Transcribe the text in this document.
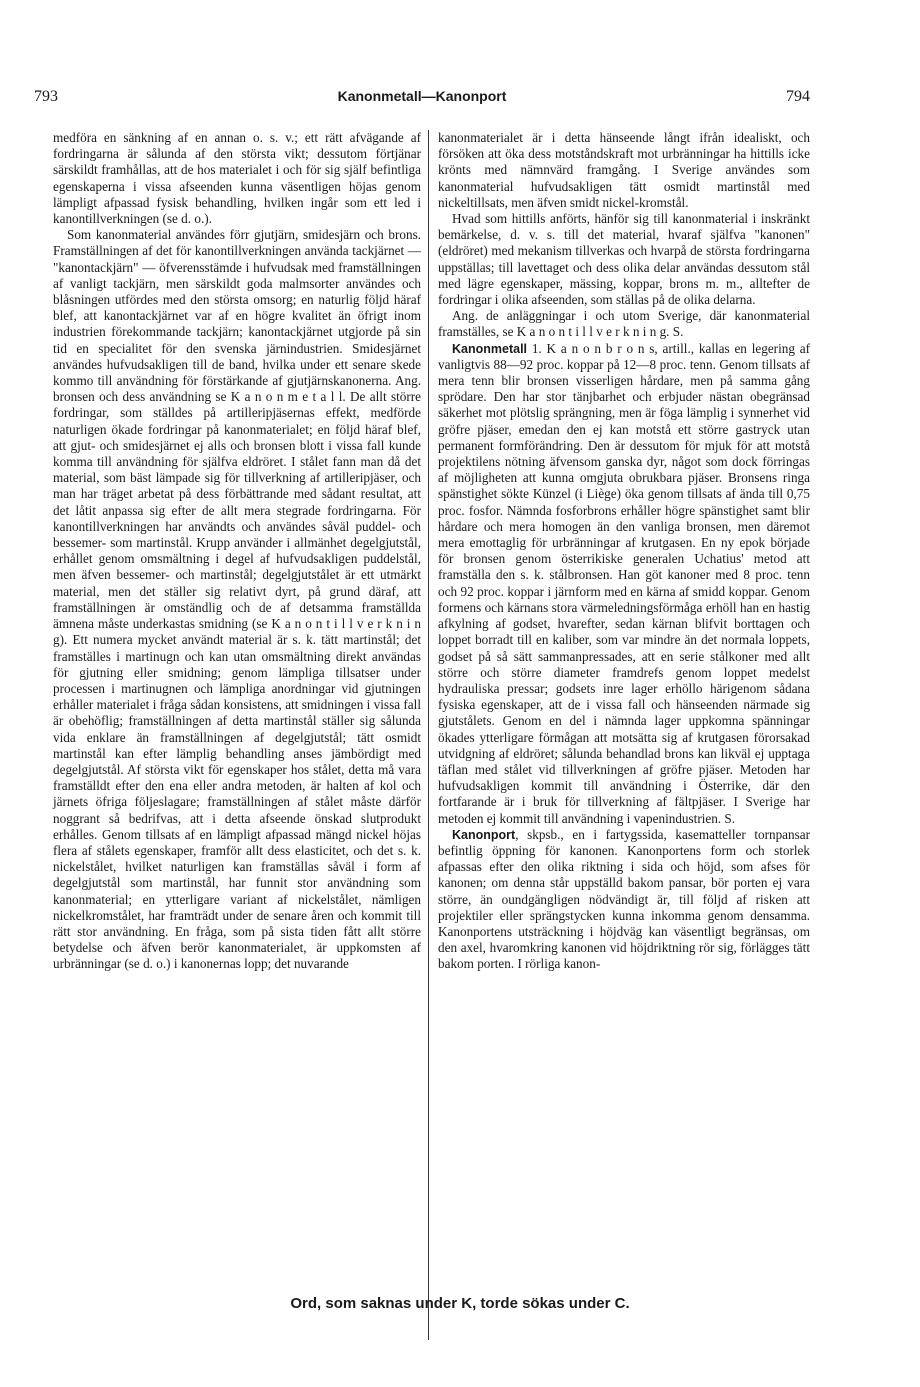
793	Kanonmetall—Kanonport	794

medföra en sänkning af en annan o. s. v.; ett rätt afvägande af fordringarna är sålunda af den största vikt; dessutom förtjänar särskildt framhållas, att de hos materialet i och för sig själf befintliga egenskaperna i vissa afseenden kunna väsentligen höjas genom lämpligt afpassad fysisk behandling, hvilken ingår som ett led i kanontillverkningen (se d. o.).

Som kanonmaterial användes förr gjutjärn, smidesjärn och brons. Framställningen af det för kanontillverkningen använda tackjärnet — "kanontackjärn" — öfverensstämde i hufvudsak med framställningen af vanligt tackjärn, men särskildt goda malmsorter användes och blåsningen utfördes med den största omsorg; en naturlig följd häraf blef, att kanontackjärnet var af en högre kvalitet än öfrigt inom industrien förekommande tackjärn; kanontackjärnet utgjorde på sin tid en specialitet för den svenska järnindustrien. Smidesjärnet användes hufvudsakligen till de band, hvilka under ett senare skede kommo till användning för förstärkande af gjutjärnskanonerna. Ang. bronsen och dess användning se K a n o n m e t a l l. De allt större fordringar, som ställdes på artilleripjäsernas effekt, medförde naturligen ökade fordringar på kanonmaterialet; en följd häraf blef, att gjut- och smidesjärnet ej alls och bronsen blott i vissa fall kunde komma till användning för själfva eldröret. I stålet fann man då det material, som bäst lämpade sig för tillverkning af artilleripjäser, och man har träget arbetat på dess förbättrande med sådant resultat, att det låtit anpassa sig efter de allt mera stegrade fordringarna. För kanontillverkningen har användts och användes såväl puddel- och bessemer- som martinstål. Krupp använder i allmänhet degelgjutstål, erhållet genom omsmältning i degel af hufvudsakligen puddelstål, men äfven bessemer- och martinstål; degelgjutstålet är ett utmärkt material, men det ställer sig relativt dyrt, på grund däraf, att framställningen är omständlig och de af detsamma framställda ämnena måste underkastas smidning (se K a n o n t i l l v e r k n i n g). Ett numera mycket användt material är s. k. tätt martinstål; det framställes i martinugn och kan utan omsmältning direkt användas för gjutning eller smidning; genom lämpliga tillsatser under processen i martinugnen och lämpliga anordningar vid gjutningen erhåller materialet i fråga sådan konsistens, att smidningen i vissa fall är obehöflig; framställningen af detta martinstål ställer sig sålunda vida enklare än framställningen af degelgjutstål; tätt osmidt martinstål kan efter lämplig behandling anses jämbördigt med degelgjutstål. Af största vikt för egenskaper hos stålet, detta må vara framställdt efter den ena eller andra metoden, är halten af kol och järnets öfriga följeslagare; framställningen af stålet måste därför noggrant så bedrifvas, att i detta afseende önskad slutprodukt erhålles. Genom tillsats af en lämpligt afpassad mängd nickel höjas flera af stålets egenskaper, framför allt dess elasticitet, och det s. k. nickelstålet, hvilket naturligen kan framställas såväl i form af degelgjutstål som martinstål, har funnit stor användning som kanonmaterial; en ytterligare variant af nickelstålet, nämligen nickelkromstålet, har framträdt under de senare åren och kommit till rätt stor användning. En fråga, som på sista tiden fått allt större betydelse och äfven berör kanonmaterialet, är uppkomsten af urbränningar (se d. o.) i kanonernas lopp; det nuvarande

kanonmaterialet är i detta hänseende långt ifrån idealiskt, och försöken att öka dess motståndskraft mot urbränningar ha hittills icke krönts med nämnvärd framgång. I Sverige användes som kanonmaterial hufvudsakligen tätt osmidt martinstål med nickeltillsats, men äfven smidt nickel-kromstål.

Hvad som hittills anförts, hänför sig till kanonmaterial i inskränkt bemärkelse, d. v. s. till det material, hvaraf själfva "kanonen" (eldröret) med mekanism tillverkas och hvarpå de största fordringarna uppställas; till lavettaget och dess olika delar användas dessutom stål med lägre egenskaper, mässing, koppar, brons m. m., alltefter de fordringar i olika afseenden, som ställas på de olika delarna.

Ang. de anläggningar i och utom Sverige, där kanonmaterial framställes, se K a n o n t i l l v e r k n i n g. S.

Kanonmetall 1. K a n o n b r o n s, artill., kallas en legering af vanligtvis 88—92 proc. koppar på 12—8 proc. tenn. Genom tillsats af mera tenn blir bronsen visserligen hårdare, men på samma gång sprödare. Den har stor tänjbarhet och erbjuder nästan obegränsad säkerhet mot plötslig sprängning, men är föga lämplig i synnerhet vid gröfre pjäser, emedan den ej kan motstå ett större gastryck utan permanent formförändring. Den är dessutom för mjuk för att motstå projektilens nötning äfvensom ganska dyr, något som dock förringas af möjligheten att kunna omgjuta obrukbara pjäser. Bronsens ringa spänstighet sökte Künzel (i Liège) öka genom tillsats af ända till 0,75 proc. fosfor. Nämnda fosforbrons erhåller högre spänstighet samt blir hårdare och mera homogen än den vanliga bronsen, men däremot mera emottaglig för urbränningar af krutgasen. En ny epok började för bronsen genom österrikiske generalen Uchatius' metod att framställa den s. k. stålbronsen. Han göt kanoner med 8 proc. tenn och 92 proc. koppar i järnform med en kärna af smidd koppar. Genom formens och kärnans stora värmeledningsförmåga erhöll han en hastig afkylning af godset, hvarefter, sedan kärnan blifvit borttagen och loppet borradt till en kaliber, som var mindre än det normala loppets, godset på så sätt sammanpressades, att en serie stålkoner med allt större och större diameter framdrefs genom loppet medelst hydrauliska pressar; godsets inre lager erhöllo härigenom sådana fysiska egenskaper, att de i vissa fall och hänseenden närmade sig gjutstålets. Genom en del i nämnda lager uppkomna spänningar ökades ytterligare förmågan att motsätta sig af krutgasen förorsakad utvidgning af eldröret; sålunda behandlad brons kan likväl ej upptaga täflan med stålet vid tillverkningen af gröfre pjäser. Metoden har hufvudsakligen kommit till användning i Österrike, där den fortfarande är i bruk för tillverkning af fältpjäser. I Sverige har metoden ej kommit till användning i vapenindustrien. S.

Kanonport, skpsb., en i fartygssida, kasematteller tornpansar befintlig öppning för kanonen. Kanonportens form och storlek afpassas efter den olika riktning i sida och höjd, som afses för kanonen; om denna står uppställd bakom pansar, bör porten ej vara större, än oundgängligen nödvändigt är, till följd af risken att projektiler eller sprängstycken kunna inkomma genom densamma. Kanonportens utsträckning i höjdväg kan väsentligt begränsas, om den axel, hvaromkring kanonen vid höjdriktning rör sig, förlägges tätt bakom porten. I rörliga kanon-

Ord, som saknas under K, torde sökas under C.
